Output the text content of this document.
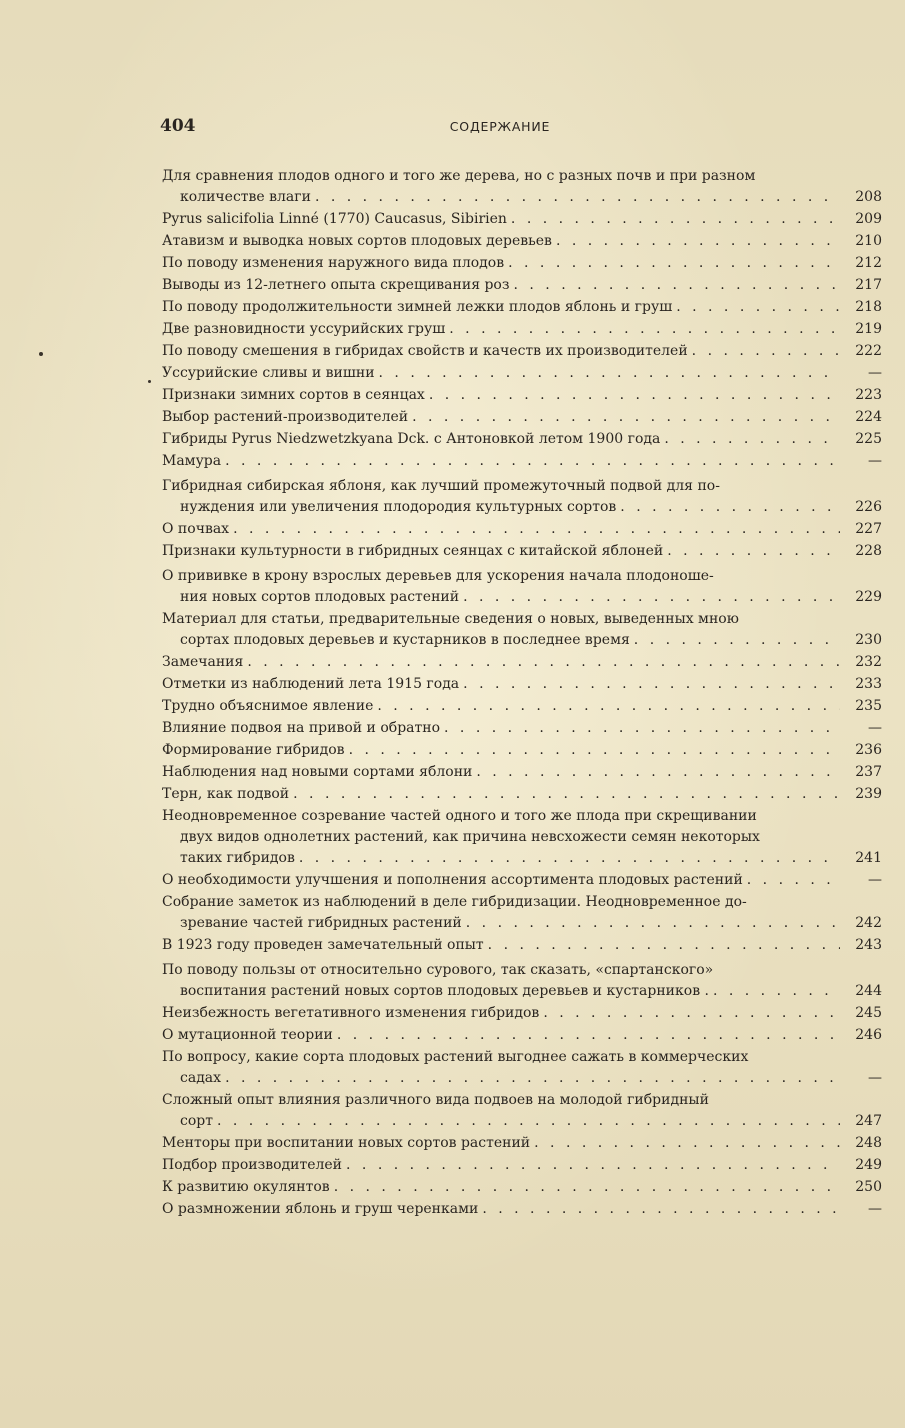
404	СОДЕРЖАНИЕ
Для сравнения плодов одного и того же дерева, но с разных почв и при разном
количестве влаги . . .	208
Pyrus salicifolia Linné (1770) Caucasus, Sibirien . . .	209
Атавизм и выводка новых сортов плодовых деревьев . . .	210
По поводу изменения наружного вида плодов . . .	212
Выводы из 12-летнего опыта скрещивания роз . . .	217
По поводу продолжительности зимней лежки плодов яблонь и груш . . .	218
Две разновидности уссурийских груш . . .	219
По поводу смешения в гибридах свойств и качеств их производителей . . .	222
Уссурийские сливы и вишни . . .	—
Признаки зимних сортов в сеянцах . . .	223
Выбор растений-производителей . . .	224
Гибриды Pyrus Niedzwetzkyana Dck. с Антоновкой летом 1900 года . . .	225
Мамура . . .	—
Гибридная сибирская яблоня, как лучший промежуточный подвой для по-
нуждения или увеличения плодородия культурных сортов . . .	226
О почвах . . .	227
Признаки культурности в гибридных сеянцах с китайской яблоней . . .	228
О прививке в крону взрослых деревьев для ускорения начала плодоноше-
ния новых сортов плодовых растений . . .	229
Материал для статьи, предварительные сведения о новых, выведенных мною
сортах плодовых деревьев и кустарников в последнее время . . .	230
Замечания . . .	232
Отметки из наблюдений лета 1915 года . . .	233
Трудно объяснимое явление . . .	235
Влияние подвоя на привой и обратно . . .	—
Формирование гибридов . . .	236
Наблюдения над новыми сортами яблони . . .	237
Терн, как подвой . . .	239
Неодновременное созревание частей одного и того же плода при скрещивании
двух видов однолетних растений, как причина невсхожести семян некоторых
таких гибридов . . .	241
О необходимости улучшения и пополнения ассортимента плодовых растений . . .	—
Собрание заметок из наблюдений в деле гибридизации. Неодновременное до-
зревание частей гибридных растений . . .	242
В 1923 году проведен замечательный опыт . . .	243
По поводу пользы от относительно сурового, так сказать, «спартанского»
воспитания растений новых сортов плодовых деревьев и кустарников . . . .	244
Неизбежность вегетативного изменения гибридов . . .	245
О мутационной теории . . .	246
По вопросу, какие сорта плодовых растений выгоднее сажать в коммерческих
садах . . .	—
Сложный опыт влияния различного вида подвоев на молодой гибридный
сорт . . .	247
Менторы при воспитании новых сортов растений . . .	248
Подбор производителей . . .	249
К развитию окулянтов . . .	250
О размножении яблонь и груш черенками . . .	—
